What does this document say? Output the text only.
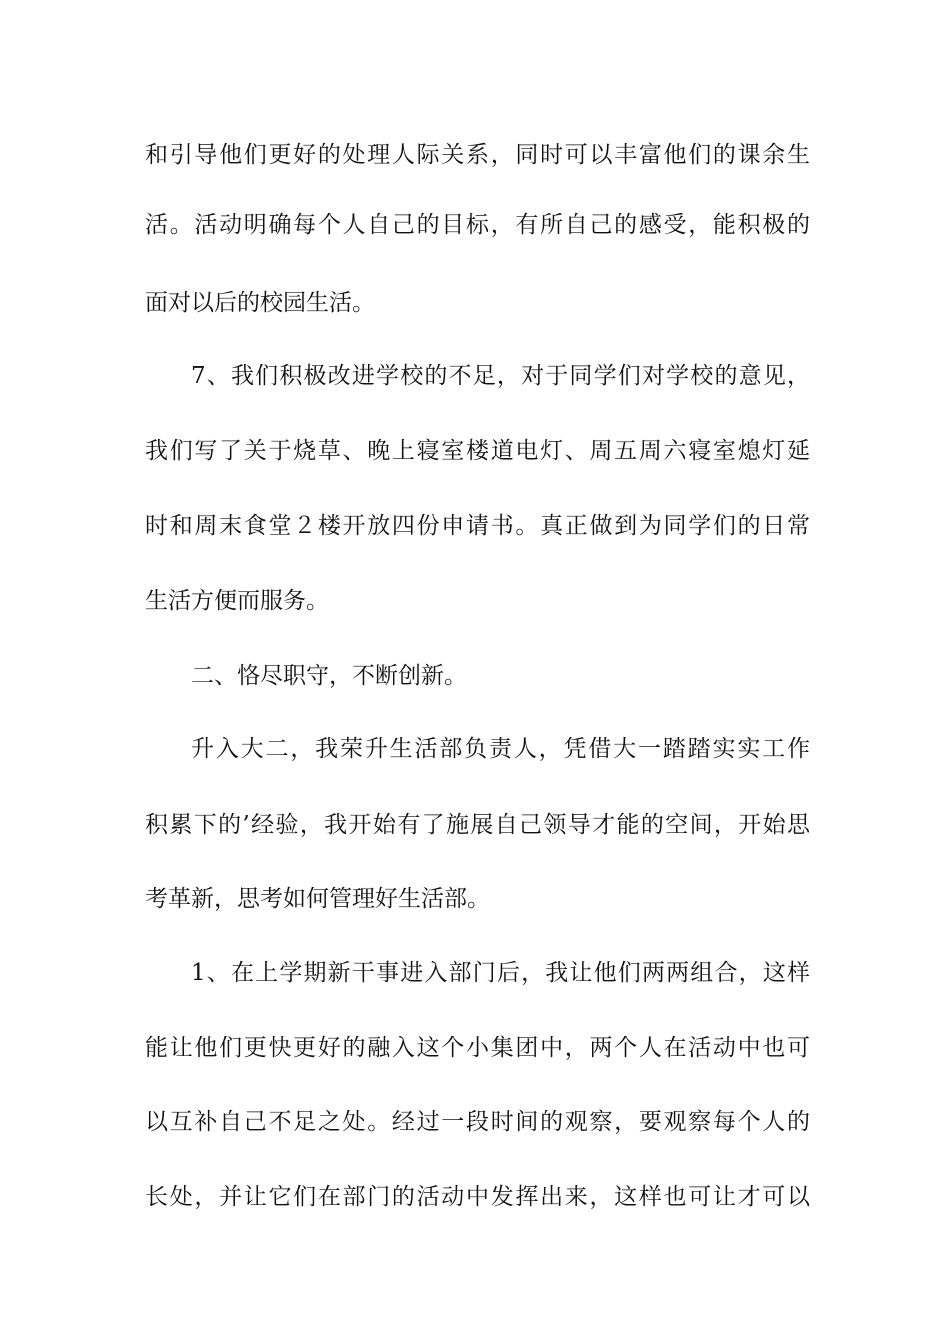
和引导他们更好的处理人际关系，同时可以丰富他们的课余生
活。活动明确每个人自己的目标，有所自己的感受，能积极的
面对以后的校园生活。
7、我们积极改进学校的不足，对于同学们对学校的意见，
我们写了关于烧草、晚上寝室楼道电灯、周五周六寝室熄灯延
时和周末食堂２楼开放四份申请书。真正做到为同学们的日常
生活方便而服务。
二、恪尽职守，不断创新。
升入大二，我荣升生活部负责人，凭借大一踏踏实实工作
积累下的’经验，我开始有了施展自己领导才能的空间，开始思
考革新，思考如何管理好生活部。
1、在上学期新干事进入部门后，我让他们两两组合，这样
能让他们更快更好的融入这个小集团中，两个人在活动中也可
以互补自己不足之处。经过一段时间的观察，要观察每个人的
长处，并让它们在部门的活动中发挥出来，这样也可让才可以
